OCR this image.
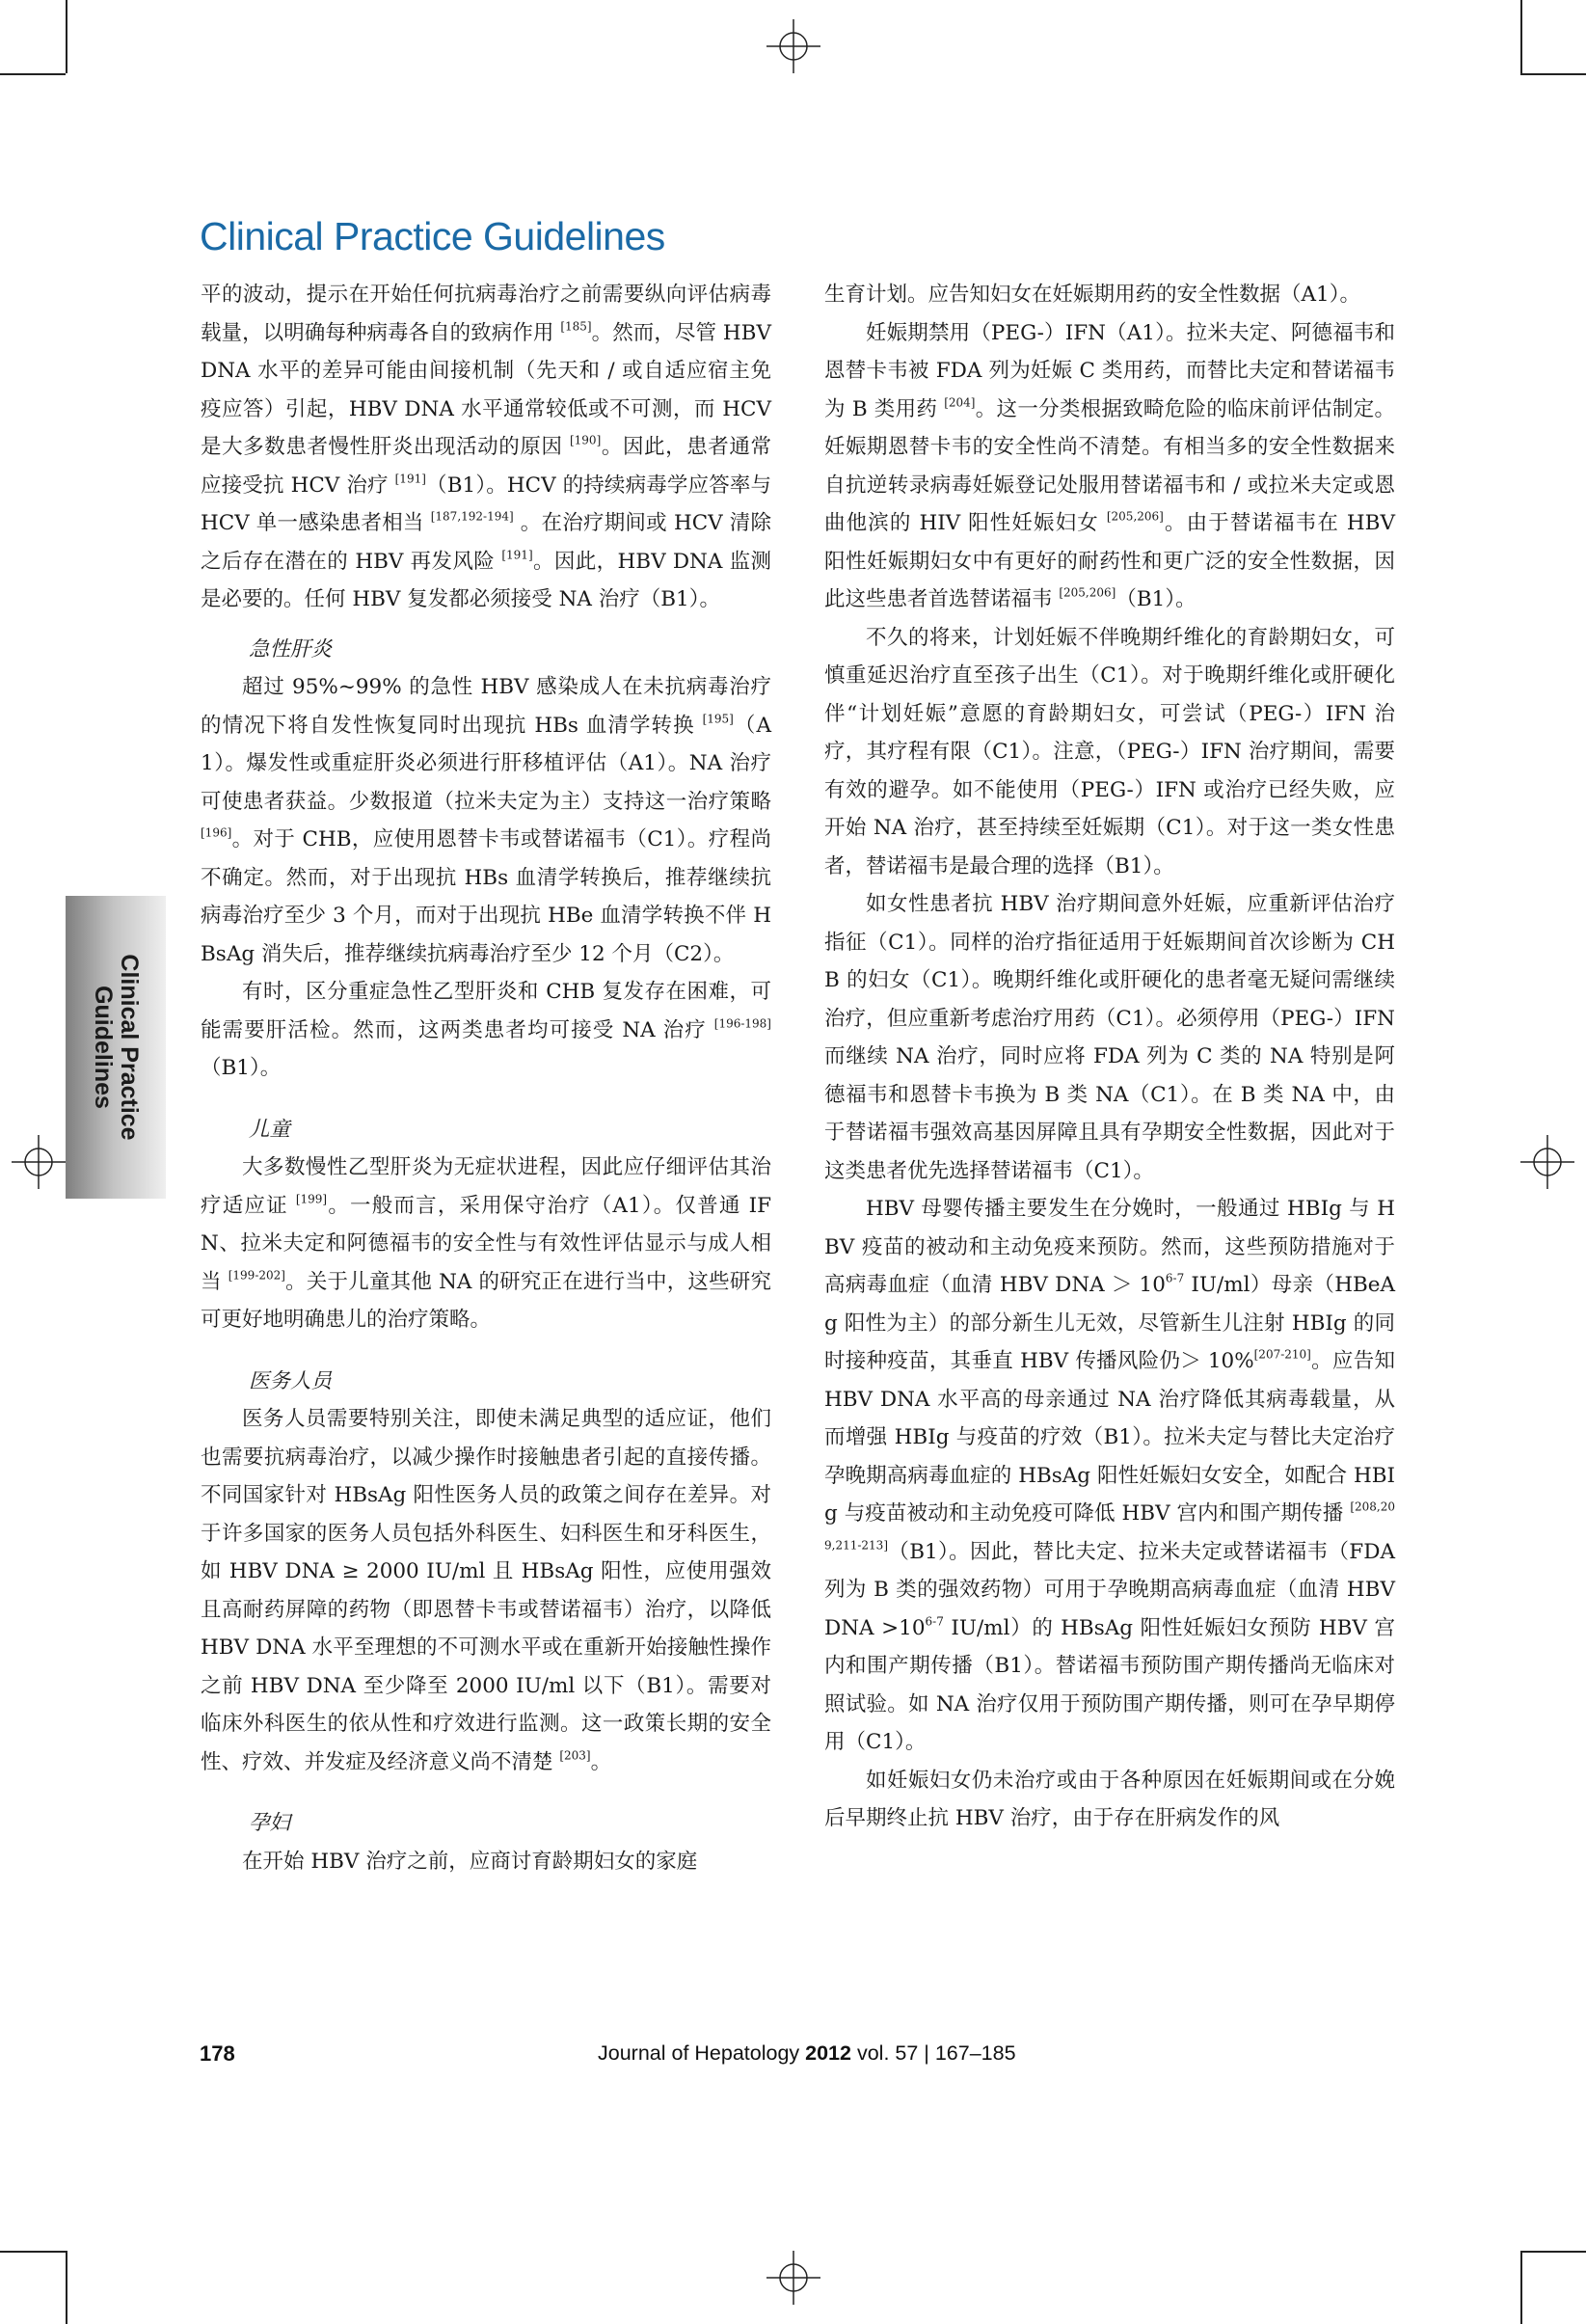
Clinical Practice Guidelines
Clinical Practice
Guidelines

平的波动，提示在开始任何抗病毒治疗之前需要纵向评估病毒载量，以明确每种病毒各自的致病作用 [185]。然而，尽管 HBV DNA 水平的差异可能由间接机制（先天和 / 或自适应宿主免疫应答）引起，HBV DNA 水平通常较低或不可测，而 HCV 是大多数患者慢性肝炎出现活动的原因 [190]。因此，患者通常应接受抗 HCV 治疗 [191]（B1）。HCV 的持续病毒学应答率与 HCV 单一感染患者相当 [187,192-194] 。在治疗期间或 HCV 清除之后存在潜在的 HBV 再发风险 [191]。因此，HBV DNA 监测是必要的。任何 HBV 复发都必须接受 NA 治疗（B1）。

急性肝炎

超过 95%~99% 的急性 HBV 感染成人在未抗病毒治疗的情况下将自发性恢复同时出现抗 HBs 血清学转换 [195]（A1）。爆发性或重症肝炎必须进行肝移植评估（A1）。NA 治疗可使患者获益。少数报道（拉米夫定为主）支持这一治疗策略 [196]。对于 CHB，应使用恩替卡韦或替诺福韦（C1）。疗程尚不确定。然而，对于出现抗 HBs 血清学转换后，推荐继续抗病毒治疗至少 3 个月，而对于出现抗 HBe 血清学转换不伴 HBsAg 消失后，推荐继续抗病毒治疗至少 12 个月（C2）。

有时，区分重症急性乙型肝炎和 CHB 复发存在困难，可能需要肝活检。然而，这两类患者均可接受 NA 治疗 [196-198]（B1）。

儿童

大多数慢性乙型肝炎为无症状进程，因此应仔细评估其治疗适应证 [199]。一般而言，采用保守治疗（A1）。仅普通 IFN、拉米夫定和阿德福韦的安全性与有效性评估显示与成人相当 [199-202]。关于儿童其他 NA 的研究正在进行当中，这些研究可更好地明确患儿的治疗策略。

医务人员

医务人员需要特别关注，即使未满足典型的适应证，他们也需要抗病毒治疗，以减少操作时接触患者引起的直接传播。不同国家针对 HBsAg 阳性医务人员的政策之间存在差异。对于许多国家的医务人员包括外科医生、妇科医生和牙科医生，如 HBV DNA ≥ 2000 IU/ml 且 HBsAg 阳性，应使用强效且高耐药屏障的药物（即恩替卡韦或替诺福韦）治疗，以降低 HBV DNA 水平至理想的不可测水平或在重新开始接触性操作之前 HBV DNA 至少降至 2000 IU/ml 以下（B1）。需要对临床外科医生的依从性和疗效进行监测。这一政策长期的安全性、疗效、并发症及经济意义尚不清楚 [203]。

孕妇

在开始 HBV 治疗之前，应商讨育龄期妇女的家庭

生育计划。应告知妇女在妊娠期用药的安全性数据（A1）。

妊娠期禁用（PEG-）IFN（A1）。拉米夫定、阿德福韦和恩替卡韦被 FDA 列为妊娠 C 类用药，而替比夫定和替诺福韦为 B 类用药 [204]。这一分类根据致畸危险的临床前评估制定。妊娠期恩替卡韦的安全性尚不清楚。有相当多的安全性数据来自抗逆转录病毒妊娠登记处服用替诺福韦和 / 或拉米夫定或恩曲他滨的 HIV 阳性妊娠妇女 [205,206]。由于替诺福韦在 HBV 阳性妊娠期妇女中有更好的耐药性和更广泛的安全性数据，因此这些患者首选替诺福韦 [205,206]（B1）。

不久的将来，计划妊娠不伴晚期纤维化的育龄期妇女，可慎重延迟治疗直至孩子出生（C1）。对于晚期纤维化或肝硬化伴“计划妊娠”意愿的育龄期妇女，可尝试（PEG-）IFN 治疗，其疗程有限（C1）。注意，（PEG-）IFN 治疗期间，需要有效的避孕。如不能使用（PEG-）IFN 或治疗已经失败，应开始 NA 治疗，甚至持续至妊娠期（C1）。对于这一类女性患者，替诺福韦是最合理的选择（B1）。

如女性患者抗 HBV 治疗期间意外妊娠，应重新评估治疗指征（C1）。同样的治疗指征适用于妊娠期间首次诊断为 CHB 的妇女（C1）。晚期纤维化或肝硬化的患者毫无疑问需继续治疗，但应重新考虑治疗用药（C1）。必须停用（PEG-）IFN 而继续 NA 治疗，同时应将 FDA 列为 C 类的 NA 特别是阿德福韦和恩替卡韦换为 B 类 NA（C1）。在 B 类 NA 中，由于替诺福韦强效高基因屏障且具有孕期安全性数据，因此对于这类患者优先选择替诺福韦（C1）。

HBV 母婴传播主要发生在分娩时，一般通过 HBIg 与 HBV 疫苗的被动和主动免疫来预防。然而，这些预防措施对于高病毒血症（血清 HBV DNA ＞ $10^{6-7}$ IU/ml）母亲（HBeAg 阳性为主）的部分新生儿无效，尽管新生儿注射 HBIg 的同时接种疫苗，其垂直 HBV 传播风险仍＞ 10%[207-210]。应告知 HBV DNA 水平高的母亲通过 NA 治疗降低其病毒载量，从而增强 HBIg 与疫苗的疗效（B1）。拉米夫定与替比夫定治疗孕晚期高病毒血症的 HBsAg 阳性妊娠妇女安全，如配合 HBIg 与疫苗被动和主动免疫可降低 HBV 宫内和围产期传播 [208,209,211-213]（B1）。因此，替比夫定、拉米夫定或替诺福韦（FDA 列为 B 类的强效药物）可用于孕晚期高病毒血症（血清 HBV DNA $>10^{6-7}$ IU/ml）的 HBsAg 阳性妊娠妇女预防 HBV 宫内和围产期传播（B1）。替诺福韦预防围产期传播尚无临床对照试验。如 NA 治疗仅用于预防围产期传播，则可在孕早期停用（C1）。

如妊娠妇女仍未治疗或由于各种原因在妊娠期间或在分娩后早期终止抗 HBV 治疗，由于存在肝病发作的风

178	Journal of Hepatology 2012 vol. 57 | 167–185
